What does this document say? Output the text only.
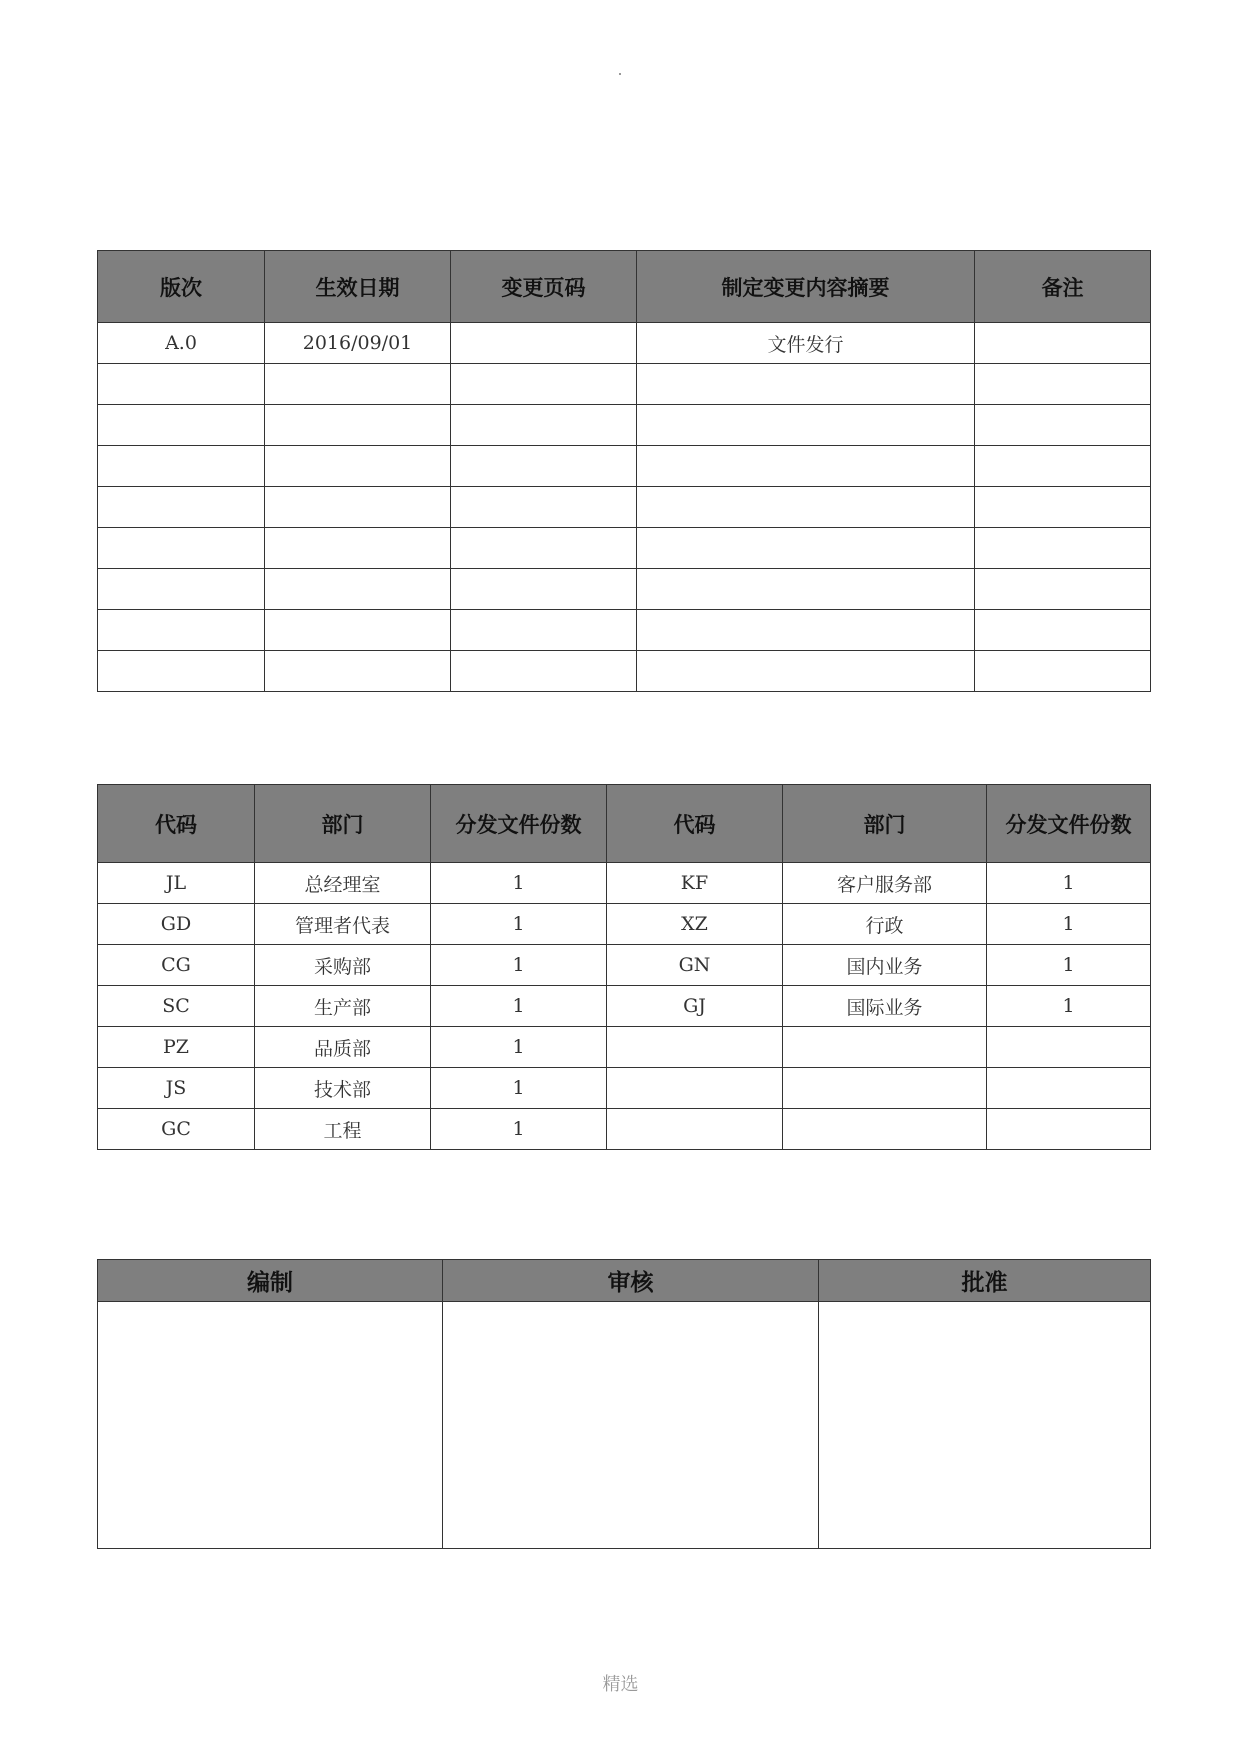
版次	生效日期	变更页码	制定变更内容摘要	备注
A.0	2016/09/01		文件发行	

代码	部门	分发文件份数	代码	部门	分发文件份数
JL	总经理室	1	KF	客户服务部	1
GD	管理者代表	1	XZ	行政	1
CG	采购部	1	GN	国内业务	1
SC	生产部	1	GJ	国际业务	1
PZ	品质部	1			
JS	技术部	1			
GC	工程	1			
编制	审核	批准

精选
